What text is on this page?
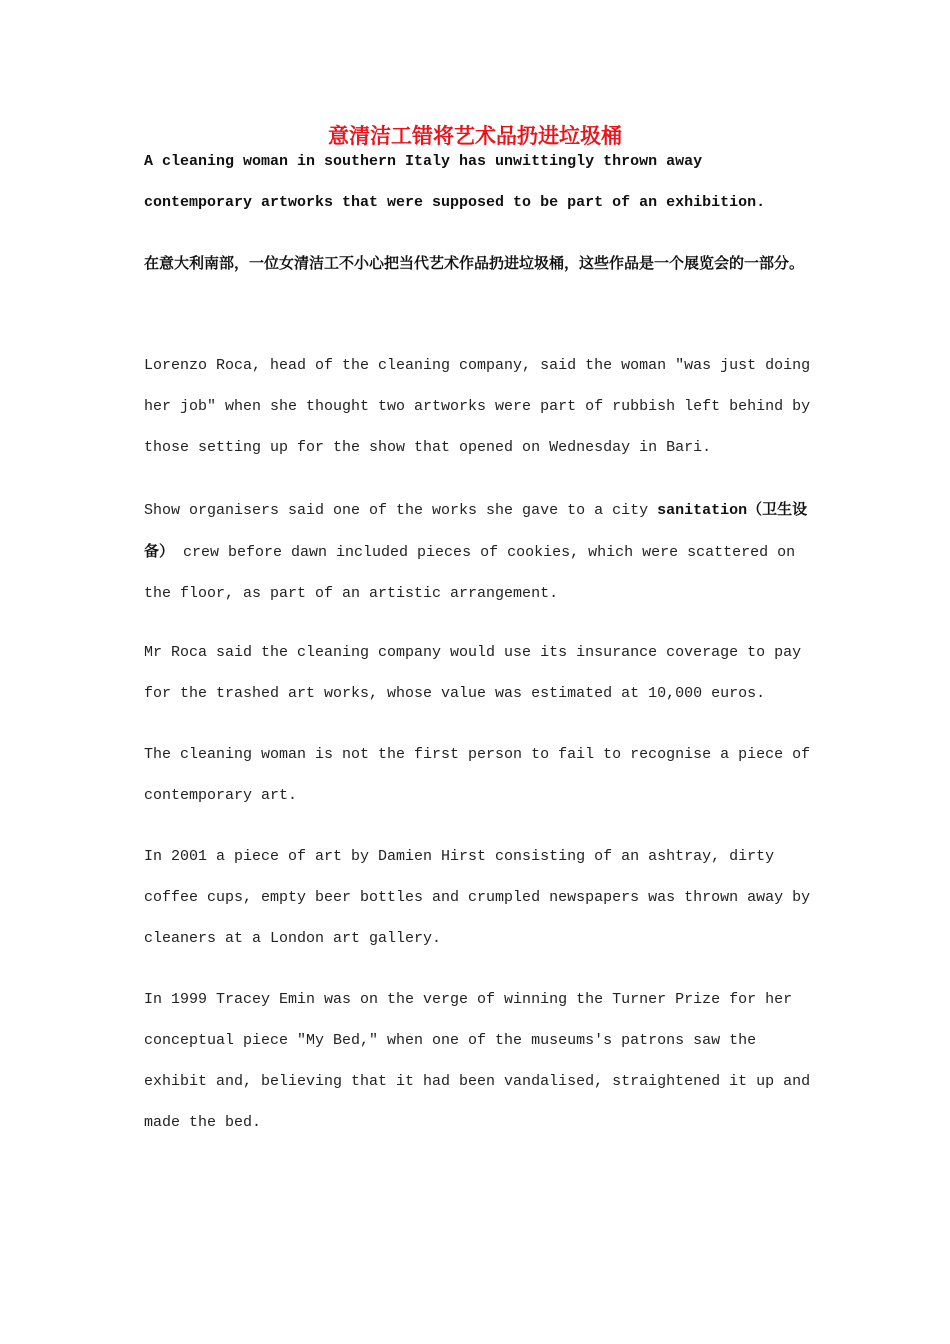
意清洁工错将艺术品扔进垃圾桶

A cleaning woman in southern Italy has unwittingly thrown away contemporary artworks that were supposed to be part of an exhibition.

在意大利南部，一位女清洁工不小心把当代艺术作品扔进垃圾桶，这些作品是一个展览会的一部分。

Lorenzo Roca, head of the cleaning company, said the woman "was just doing her job" when she thought two artworks were part of rubbish left behind by those setting up for the show that opened on Wednesday in Bari.

Show organisers said one of the works she gave to a city sanitation（卫生设备） crew before dawn included pieces of cookies, which were scattered on the floor, as part of an artistic arrangement.

Mr Roca said the cleaning company would use its insurance coverage to pay for the trashed art works, whose value was estimated at 10,000 euros.

The cleaning woman is not the first person to fail to recognise a piece of contemporary art.

In 2001 a piece of art by Damien Hirst consisting of an ashtray, dirty coffee cups, empty beer bottles and crumpled newspapers was thrown away by cleaners at a London art gallery.

In 1999 Tracey Emin was on the verge of winning the Turner Prize for her conceptual piece "My Bed," when one of the museums's patrons saw the exhibit and, believing that it had been vandalised, straightened it up and made the bed.
